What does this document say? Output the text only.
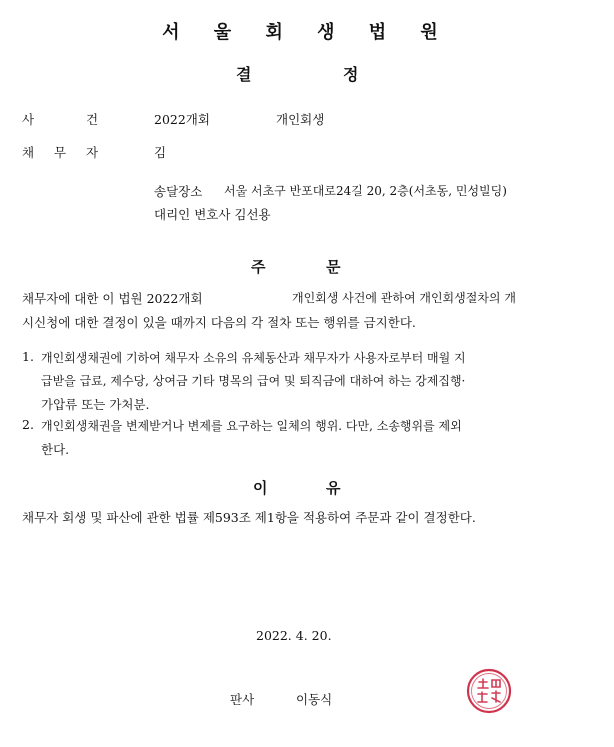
서 울 회 생 법 원
결	정
사	건	2022개회	개인회생
채 무 자	김
송달장소 서울 서초구 반포대로24길 20, 2층(서초동, 민성빌딩)
대리인 변호사 김선용
주	문
채무자에 대한 이 법원 2022개회	개인회생 사건에 관하여 개인회생절차의 개
시신청에 대한 결정이 있을 때까지 다음의 각 절차 또는 행위를 금지한다.
1. 개인회생채권에 기하여 채무자 소유의 유체동산과 채무자가 사용자로부터 매월 지
급받을 급료, 제수당, 상여금 기타 명목의 급여 및 퇴직금에 대하여 하는 강제집행·
가압류 또는 가처분.
2. 개인회생채권을 변제받거나 변제를 요구하는 일체의 행위. 다만, 소송행위를 제외
한다.
이	유
채무자 회생 및 파산에 관한 법률 제593조 제1항을 적용하여 주문과 같이 결정한다.
2022. 4. 20.
판사	이동식
